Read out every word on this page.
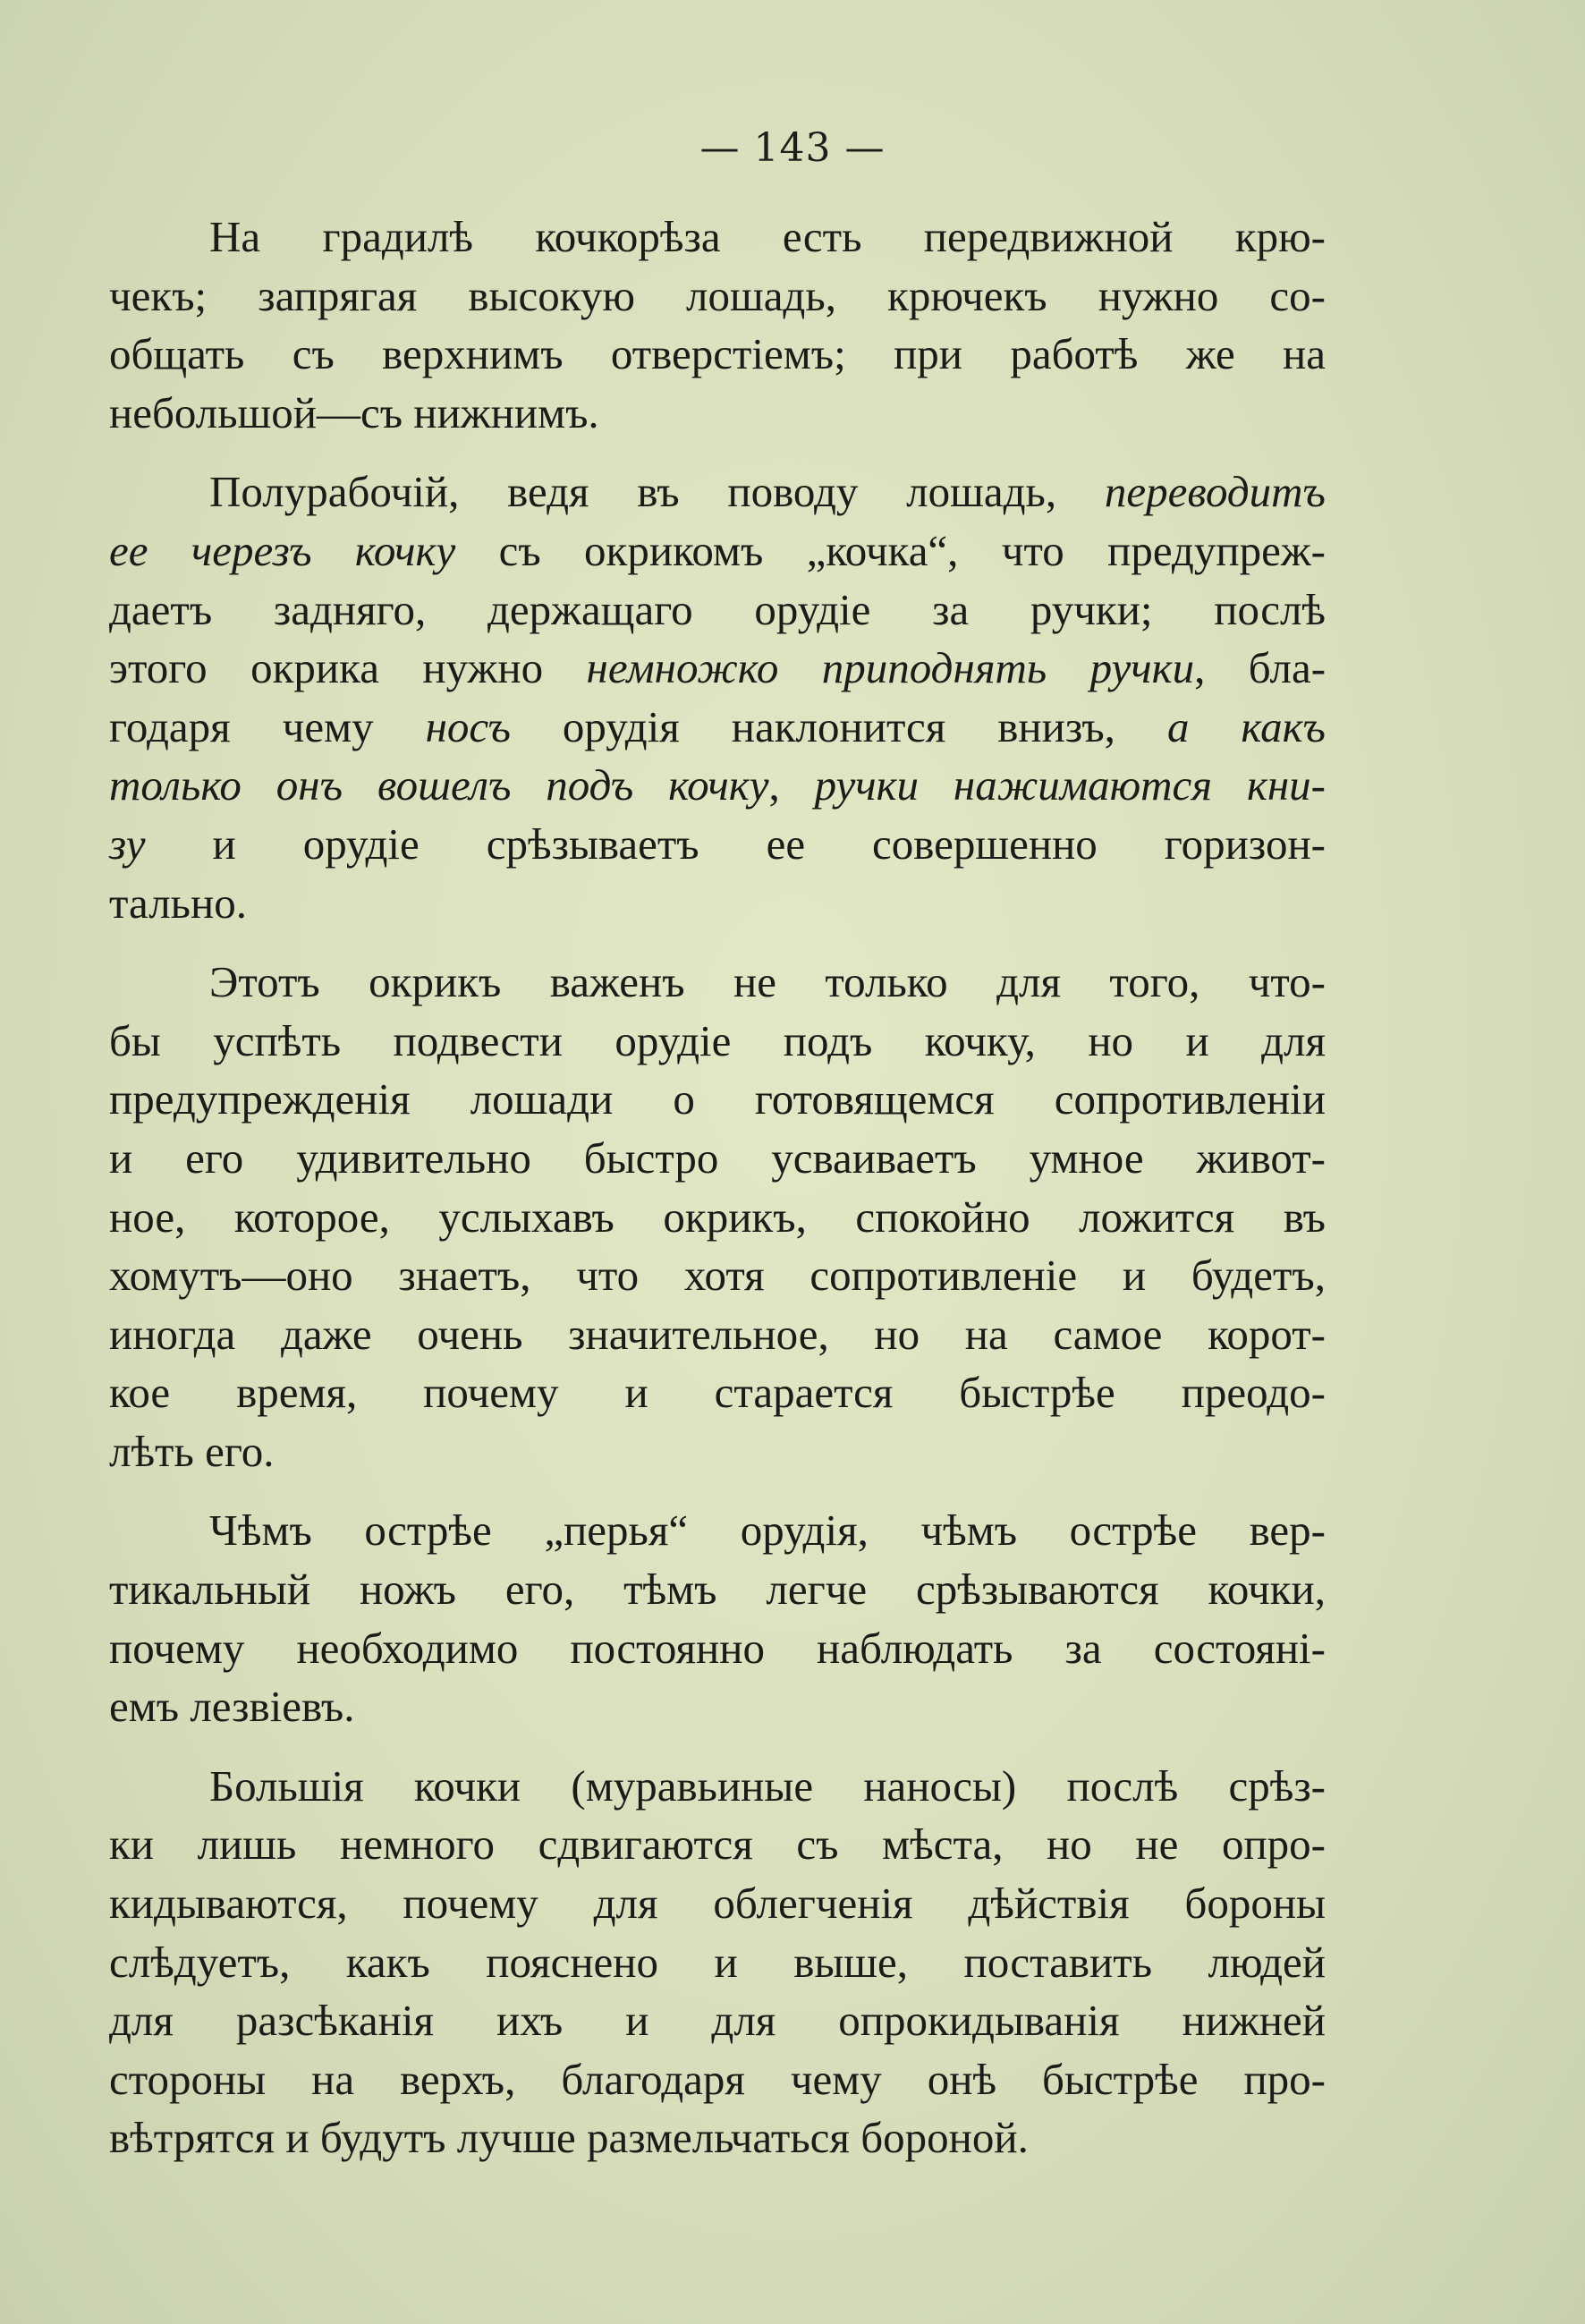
— 143 —
На градилѣ кочкорѣза есть передвижной крю-
чекъ; запрягая высокую лошадь, крючекъ нужно со-
общать съ верхнимъ отверстіемъ; при работѣ же на
небольшой—съ нижнимъ.
Полурабочій, ведя въ поводу лошадь, переводитъ
ее черезъ кочку съ окрикомъ „кочка“, что предупреж-
даетъ задняго, держащаго орудіе за ручки; послѣ
этого окрика нужно немножко приподнять ручки, бла-
годаря чему носъ орудія наклонится внизъ, а какъ
только онъ вошелъ подъ кочку, ручки нажимаются кни-
зу и орудіе срѣзываетъ ее совершенно горизон-
тально.
Этотъ окрикъ важенъ не только для того, что-
бы успѣть подвести орудіе подъ кочку, но и для
предупрежденія лошади о готовящемся сопротивленіи
и его удивительно быстро усваиваетъ умное живот-
ное, которое, услыхавъ окрикъ, спокойно ложится въ
хомутъ—оно знаетъ, что хотя сопротивленіе и будетъ,
иногда даже очень значительное, но на самое корот-
кое время, почему и старается быстрѣе преодо-
лѣть его.
Чѣмъ острѣе „перья“ орудія, чѣмъ острѣе вер-
тикальный ножъ его, тѣмъ легче срѣзываются кочки,
почему необходимо постоянно наблюдать за состояні-
емъ лезвіевъ.
Большія кочки (муравьиные наносы) послѣ срѣз-
ки лишь немного сдвигаются съ мѣста, но не опро-
кидываются, почему для облегченія дѣйствія бороны
слѣдуетъ, какъ пояснено и выше, поставить людей
для разсѣканія ихъ и для опрокидыванія нижней
стороны на верхъ, благодаря чему онѣ быстрѣе про-
вѣтрятся и будутъ лучше размельчаться бороной.
